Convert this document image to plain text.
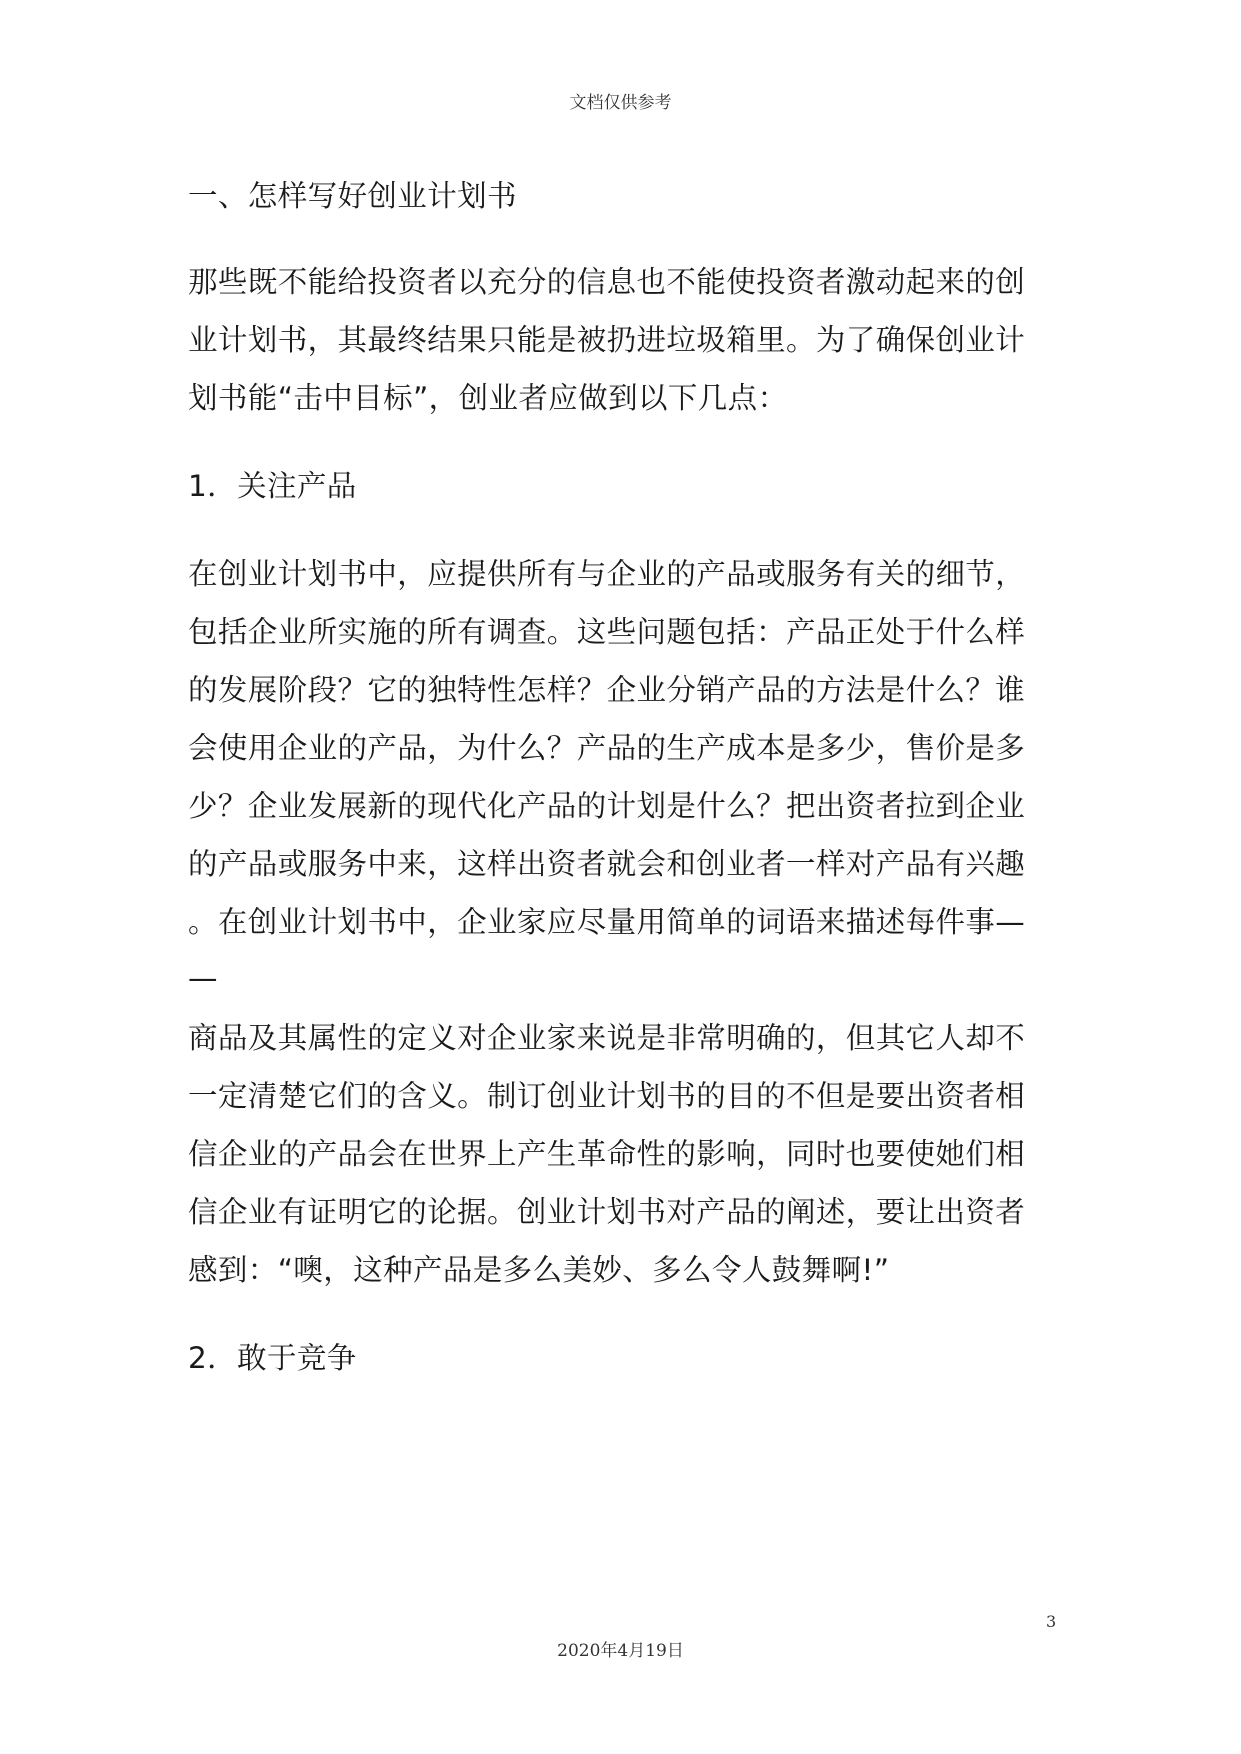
文档仅供参考
一、怎样写好创业计划书
那些既不能给投资者以充分的信息也不能使投资者激动起来的创
业计划书，其最终结果只能是被扔进垃圾箱里。为了确保创业计
划书能“击中目标”，创业者应做到以下几点：
1．关注产品
在创业计划书中，应提供所有与企业的产品或服务有关的细节，
包括企业所实施的所有调查。这些问题包括：产品正处于什么样
的发展阶段？它的独特性怎样？企业分销产品的方法是什么？谁
会使用企业的产品，为什么？产品的生产成本是多少，售价是多
少？企业发展新的现代化产品的计划是什么？把出资者拉到企业
的产品或服务中来，这样出资者就会和创业者一样对产品有兴趣
。在创业计划书中，企业家应尽量用简单的词语来描述每件事—
—
商品及其属性的定义对企业家来说是非常明确的，但其它人却不
一定清楚它们的含义。制订创业计划书的目的不但是要出资者相
信企业的产品会在世界上产生革命性的影响，同时也要使她们相
信企业有证明它的论据。创业计划书对产品的阐述，要让出资者
感到：“噢，这种产品是多么美妙、多么令人鼓舞啊!”
2．敢于竞争
3
2020年4月19日
